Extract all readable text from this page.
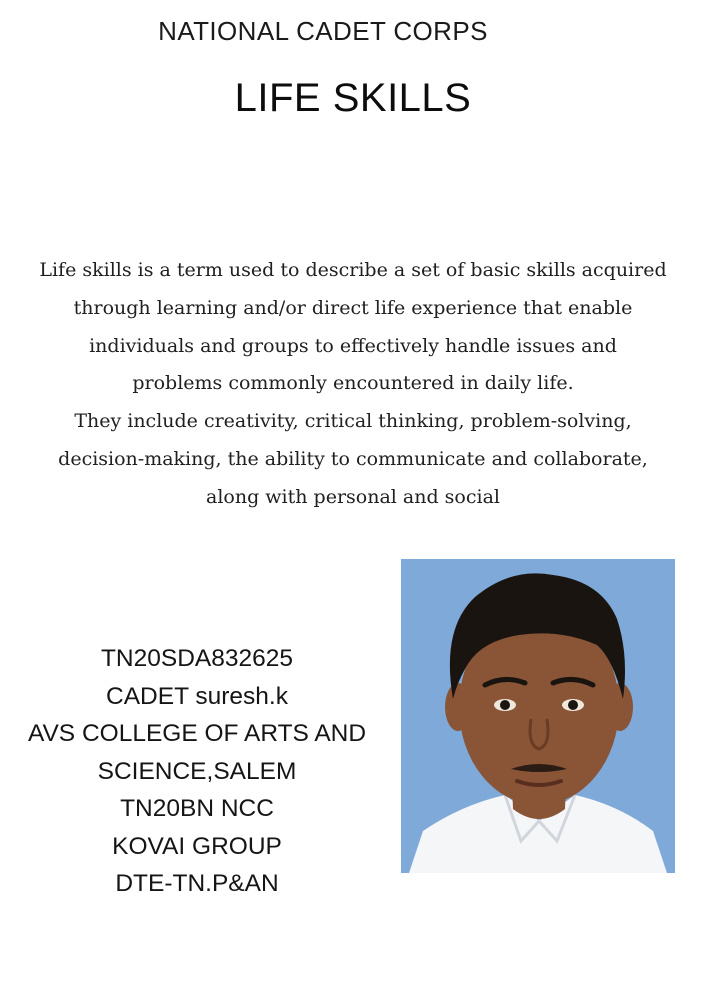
NATIONAL CADET CORPS
LIFE SKILLS
Life skills is a term used to describe a set of basic skills acquired
through learning and/or direct life experience that enable
individuals and groups to effectively handle issues and
problems commonly encountered in daily life.
They include creativity, critical thinking, problem-solving,
decision-making, the ability to communicate and collaborate,
along with personal and social
TN20SDA832625
CADET suresh.k
AVS COLLEGE OF ARTS AND
SCIENCE,SALEM
TN20BN NCC
KOVAI GROUP
DTE-TN.P&AN
